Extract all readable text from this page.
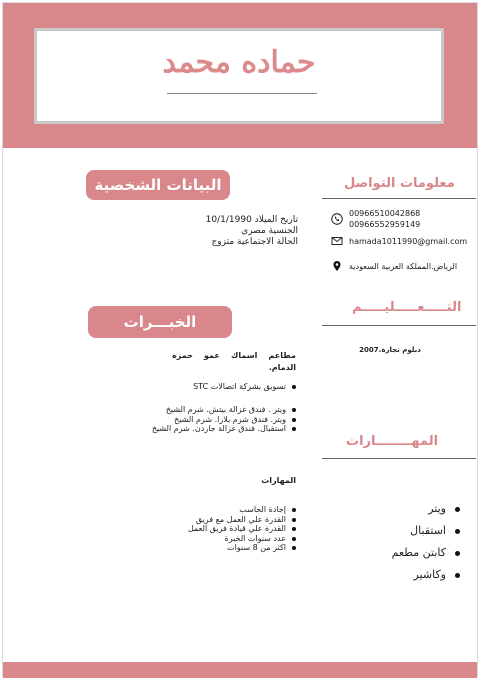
حماده محمد
البيانات الشخصية
تاريخ الميلاد 10/1/1990
الجنسية مصري
الحالة الاجتماعية متزوج
معلومات التواصل
00966510042868
00966552959149
hamada1011990@gmail.com
الرياض.المملكة العربية السعودية
التـــــعـــــليـــــم
دبلوم تجارة.2007
الخبـــرات المـــهنية
مطاعم اسماك عمو حمزه الدمام.
تسويق بشركة اتصالات STC
ويتر . فندق غزالة بيتش. شرم الشيخ
ويتر. فندق شرم بلازا. شرم الشيخ
استقبال. فندق غزالة جاردن. شرم الشيخ
المهارات
إجادة الحاسب
القدرة علي العمل مع فريق
القدرة علي قيادة فريق العمل
عدد سنوات الخبرة
اكثر من 8 سنوات
المهــــــــارات
ويتر
استقبال
كابتن مطعم
وكاشير
